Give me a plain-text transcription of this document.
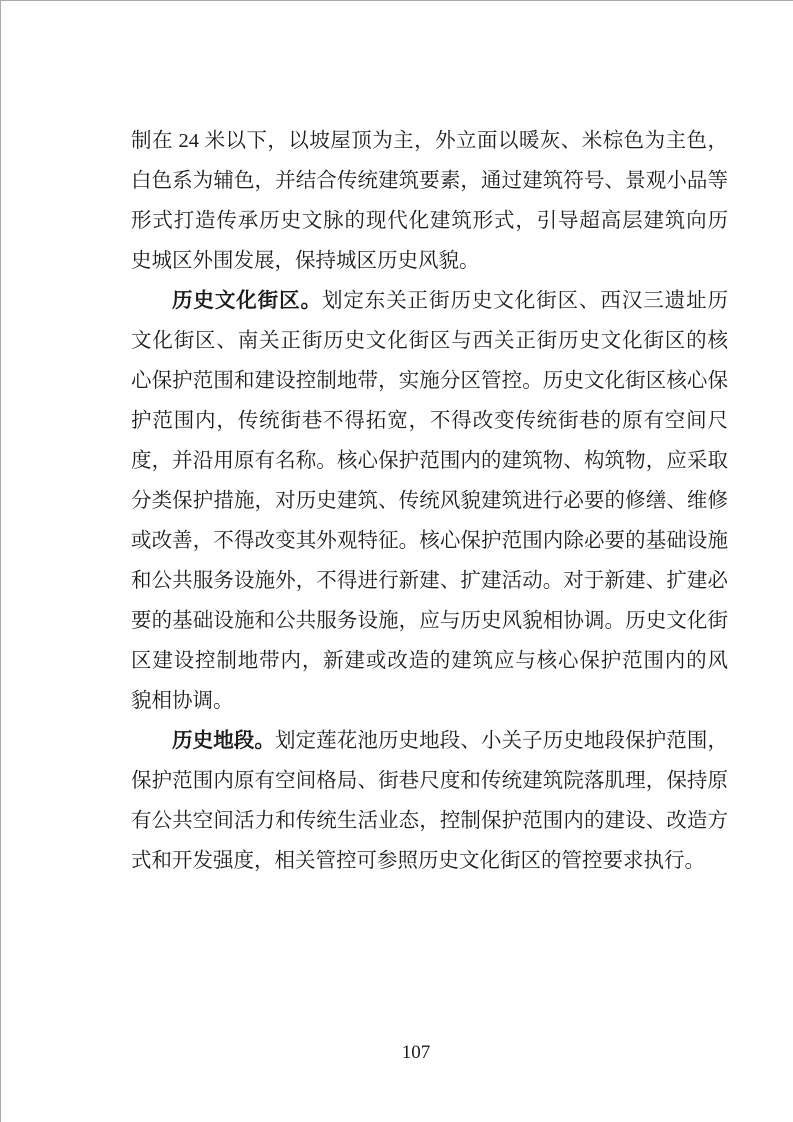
制在 24 米以下，以坡屋顶为主，外立面以暖灰、米棕色为主色，
白色系为辅色，并结合传统建筑要素，通过建筑符号、景观小品等
形式打造传承历史文脉的现代化建筑形式，引导超高层建筑向历
史城区外围发展，保持城区历史风貌。
历史文化街区。划定东关正街历史文化街区、西汉三遗址历
文化街区、南关正街历史文化街区与西关正街历史文化街区的核
心保护范围和建设控制地带，实施分区管控。历史文化街区核心保
护范围内，传统街巷不得拓宽，不得改变传统街巷的原有空间尺
度，并沿用原有名称。核心保护范围内的建筑物、构筑物，应采取
分类保护措施，对历史建筑、传统风貌建筑进行必要的修缮、维修
或改善，不得改变其外观特征。核心保护范围内除必要的基础设施
和公共服务设施外，不得进行新建、扩建活动。对于新建、扩建必
要的基础设施和公共服务设施，应与历史风貌相协调。历史文化街
区建设控制地带内，新建或改造的建筑应与核心保护范围内的风
貌相协调。
历史地段。划定莲花池历史地段、小关子历史地段保护范围，
保护范围内原有空间格局、街巷尺度和传统建筑院落肌理，保持原
有公共空间活力和传统生活业态，控制保护范围内的建设、改造方
式和开发强度，相关管控可参照历史文化街区的管控要求执行。
107
